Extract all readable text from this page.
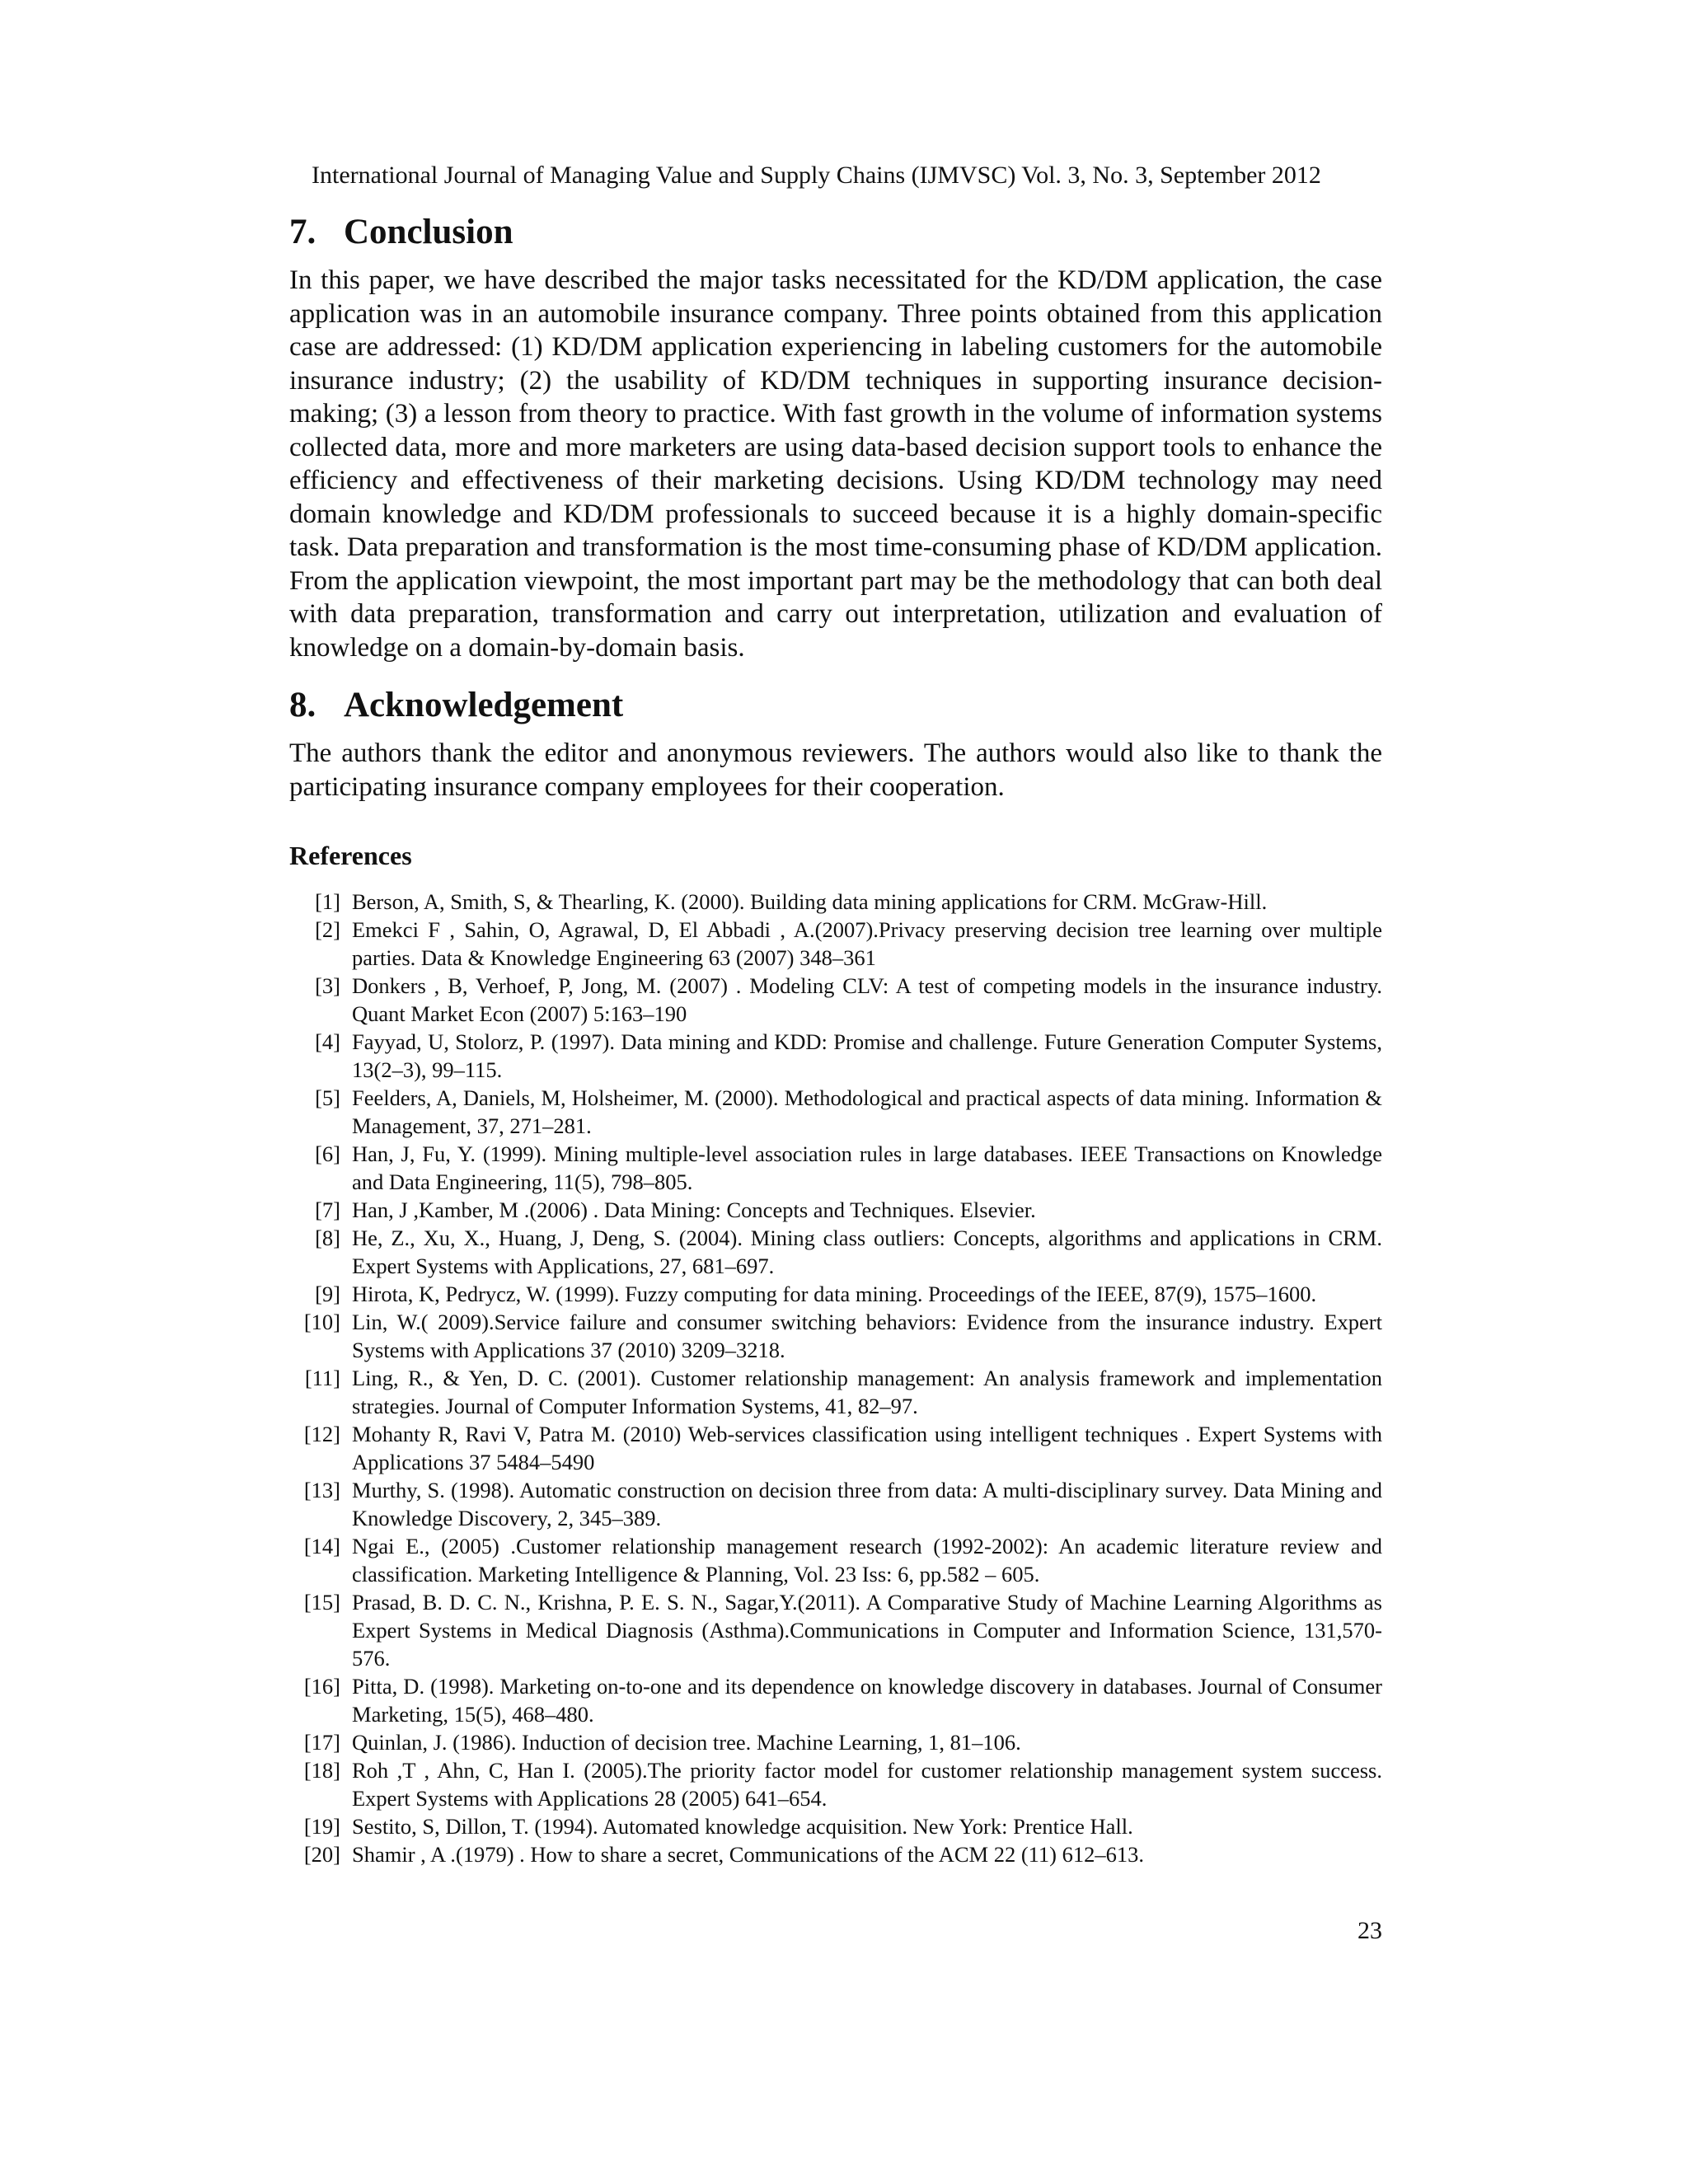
International Journal of Managing Value and Supply Chains (IJMVSC) Vol. 3, No. 3, September 2012
7. Conclusion

In this paper, we have described the major tasks necessitated for the KD/DM application, the case application was in an automobile insurance company. Three points obtained from this application case are addressed: (1) KD/DM application experiencing in labeling customers for the automobile insurance industry; (2) the usability of KD/DM techniques in supporting insurance decision-making; (3) a lesson from theory to practice. With fast growth in the volume of information systems collected data, more and more marketers are using data-based decision support tools to enhance the efficiency and effectiveness of their marketing decisions. Using KD/DM technology may need domain knowledge and KD/DM professionals to succeed because it is a highly domain-specific task. Data preparation and transformation is the most time-consuming phase of KD/DM application. From the application viewpoint, the most important part may be the methodology that can both deal with data preparation, transformation and carry out interpretation, utilization and evaluation of knowledge on a domain-by-domain basis.

8. Acknowledgement

The authors thank the editor and anonymous reviewers. The authors would also like to thank the participating insurance company employees for their cooperation.

References
[1] Berson, A, Smith, S, & Thearling, K. (2000). Building data mining applications for CRM. McGraw-Hill.
[2] Emekci F , Sahin, O, Agrawal, D, El Abbadi , A.(2007).Privacy preserving decision tree learning over multiple parties. Data & Knowledge Engineering 63 (2007) 348–361
[3] Donkers , B, Verhoef, P, Jong, M. (2007) . Modeling CLV: A test of competing models in the insurance industry. Quant Market Econ (2007) 5:163–190
[4] Fayyad, U, Stolorz, P. (1997). Data mining and KDD: Promise and challenge. Future Generation Computer Systems, 13(2–3), 99–115.
[5] Feelders, A, Daniels, M, Holsheimer, M. (2000). Methodological and practical aspects of data mining. Information & Management, 37, 271–281.
[6] Han, J, Fu, Y. (1999). Mining multiple-level association rules in large databases. IEEE Transactions on Knowledge and Data Engineering, 11(5), 798–805.
[7] Han, J ,Kamber, M .(2006) . Data Mining: Concepts and Techniques. Elsevier.
[8] He, Z., Xu, X., Huang, J, Deng, S. (2004). Mining class outliers: Concepts, algorithms and applications in CRM. Expert Systems with Applications, 27, 681–697.
[9] Hirota, K, Pedrycz, W. (1999). Fuzzy computing for data mining. Proceedings of the IEEE, 87(9), 1575–1600.
[10] Lin, W.( 2009).Service failure and consumer switching behaviors: Evidence from the insurance industry. Expert Systems with Applications 37 (2010) 3209–3218.
[11] Ling, R., & Yen, D. C. (2001). Customer relationship management: An analysis framework and implementation strategies. Journal of Computer Information Systems, 41, 82–97.
[12] Mohanty R, Ravi V, Patra M. (2010) Web-services classification using intelligent techniques . Expert Systems with Applications 37 5484–5490
[13] Murthy, S. (1998). Automatic construction on decision three from data: A multi-disciplinary survey. Data Mining and Knowledge Discovery, 2, 345–389.
[14] Ngai E., (2005) .Customer relationship management research (1992-2002): An academic literature review and classification. Marketing Intelligence & Planning, Vol. 23 Iss: 6, pp.582 – 605.
[15] Prasad, B. D. C. N., Krishna, P. E. S. N., Sagar,Y.(2011). A Comparative Study of Machine Learning Algorithms as Expert Systems in Medical Diagnosis (Asthma).Communications in Computer and Information Science, 131,570-576.
[16] Pitta, D. (1998). Marketing on-to-one and its dependence on knowledge discovery in databases. Journal of Consumer Marketing, 15(5), 468–480.
[17] Quinlan, J. (1986). Induction of decision tree. Machine Learning, 1, 81–106.
[18] Roh ,T , Ahn, C, Han I. (2005).The priority factor model for customer relationship management system success. Expert Systems with Applications 28 (2005) 641–654.
[19] Sestito, S, Dillon, T. (1994). Automated knowledge acquisition. New York: Prentice Hall.
[20] Shamir , A .(1979) . How to share a secret, Communications of the ACM 22 (11) 612–613.
23
